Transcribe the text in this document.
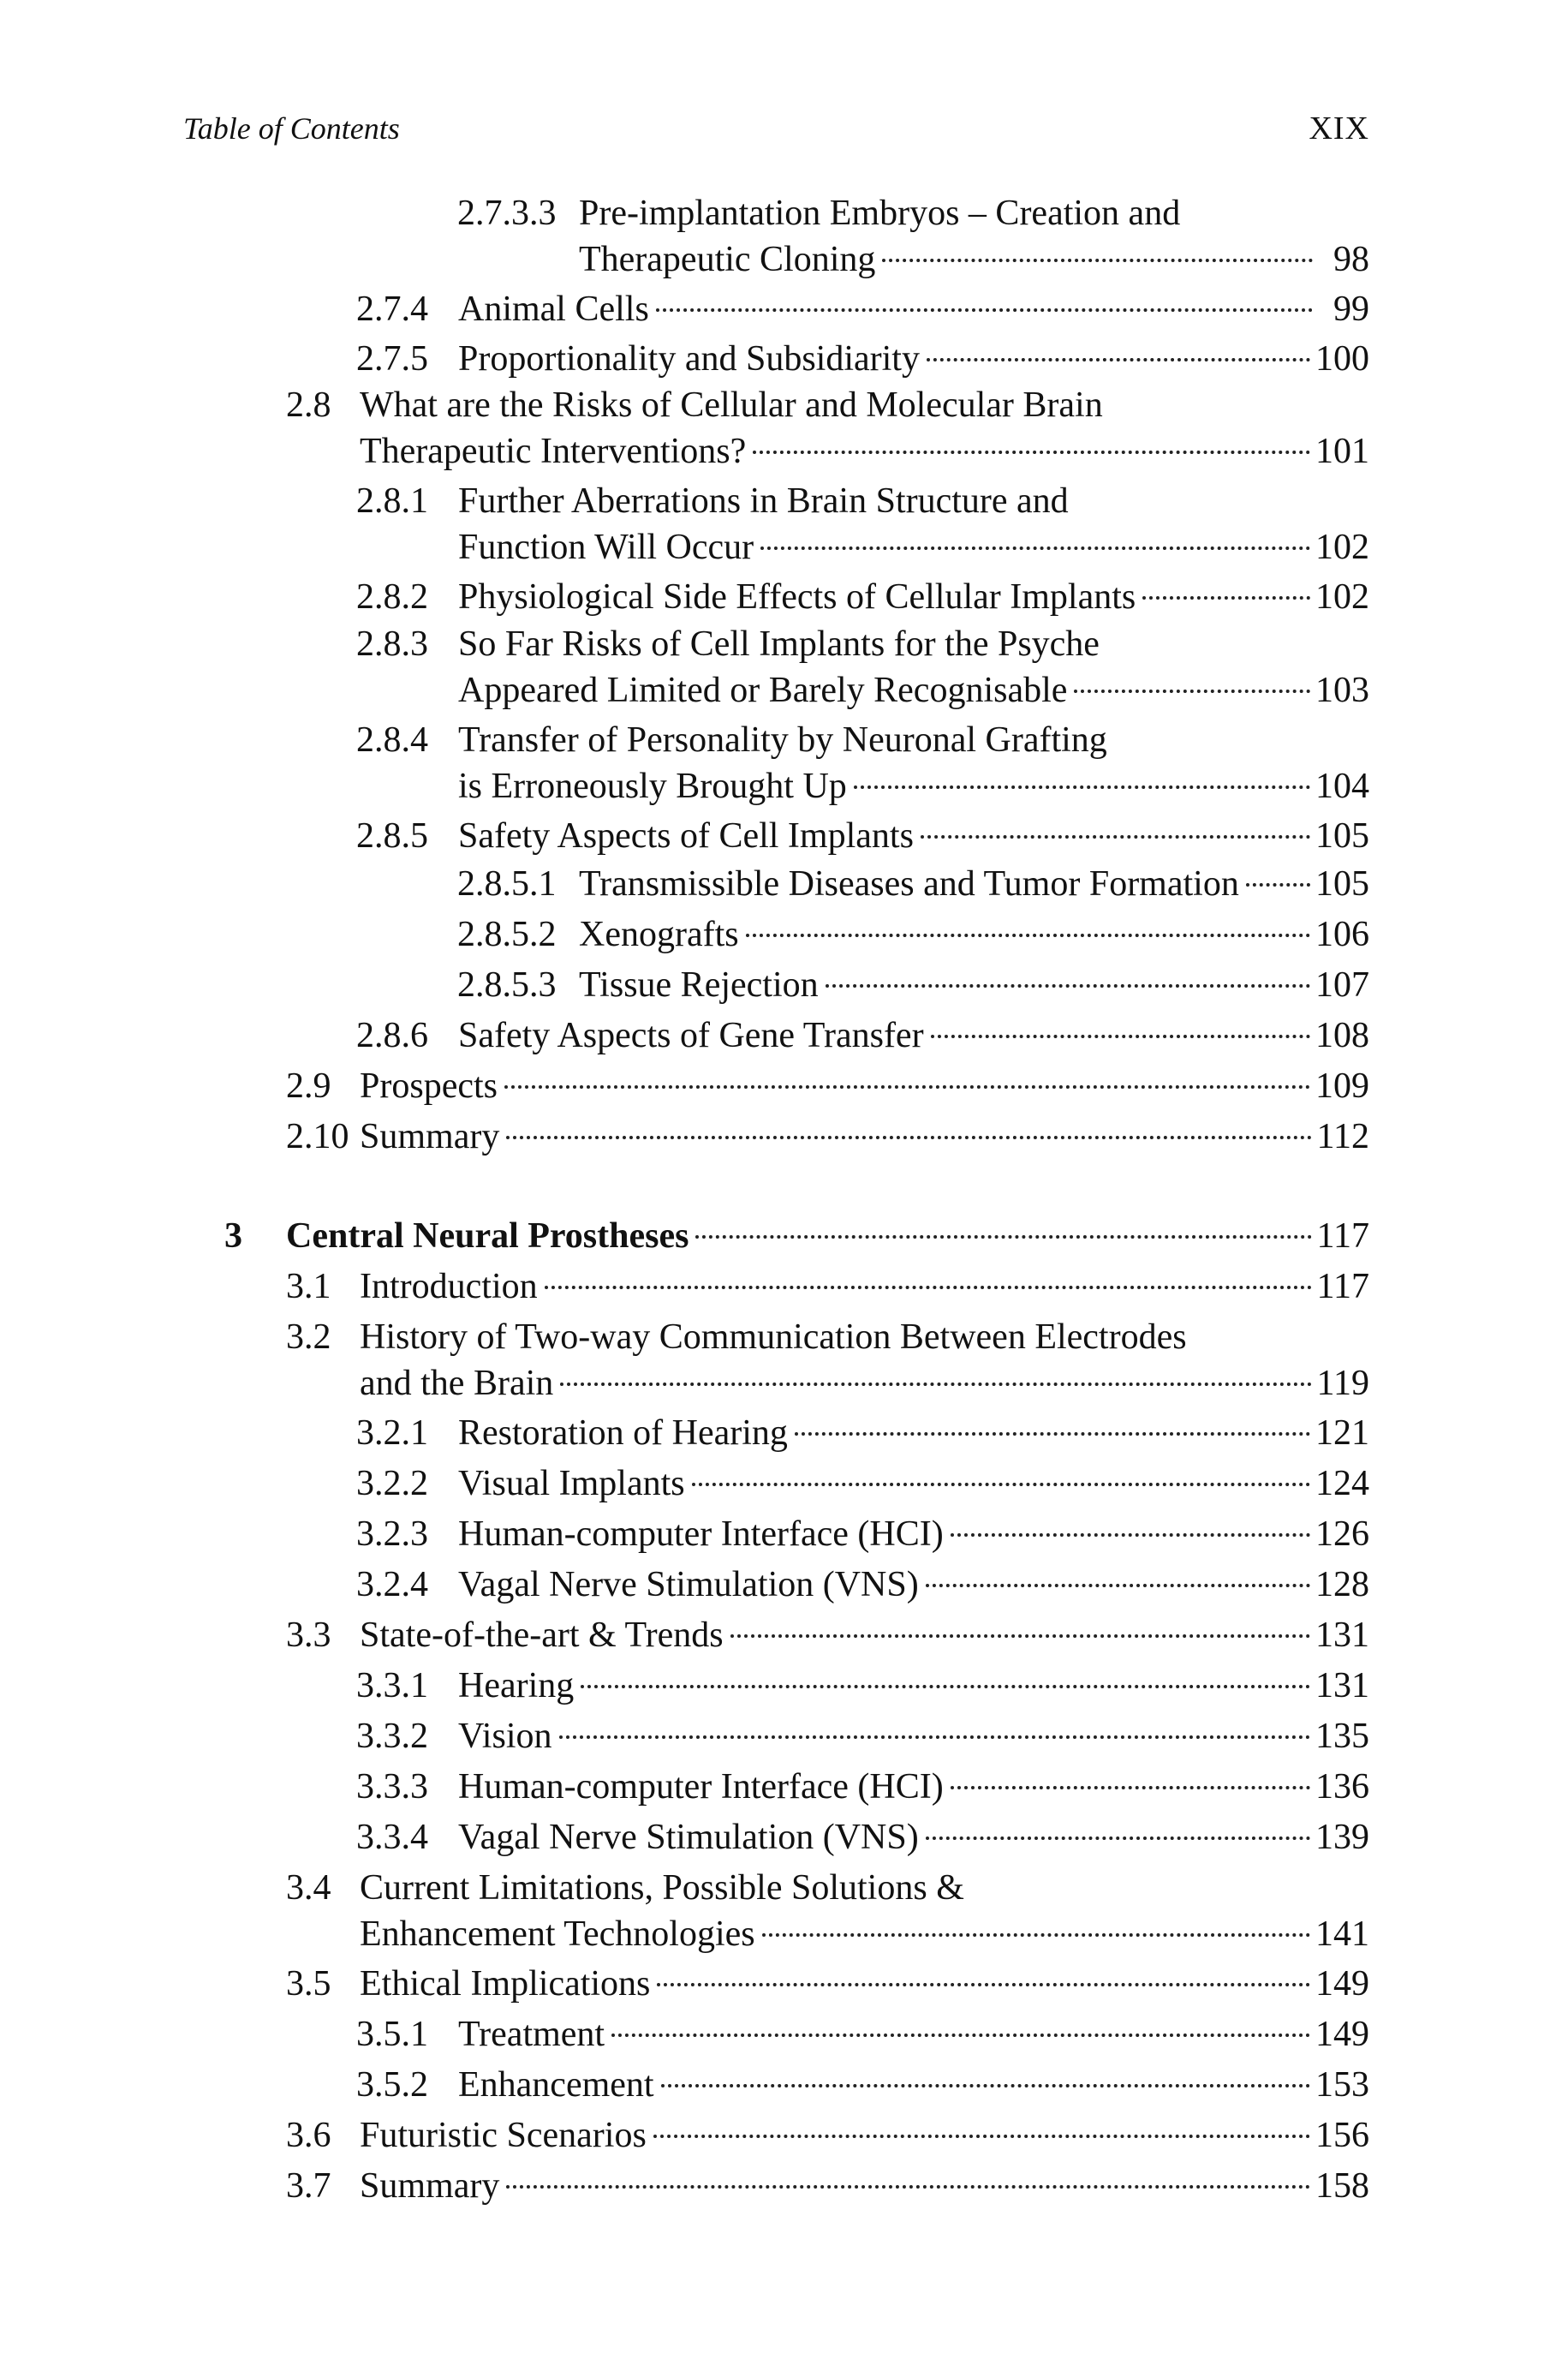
Table of Contents	XIX
2.7.3.3 Pre-implantation Embryos – Creation and
Therapeutic Cloning	98
2.7.4 Animal Cells	99
2.7.5 Proportionality and Subsidiarity	100
2.8 What are the Risks of Cellular and Molecular Brain
Therapeutic Interventions?	101
2.8.1 Further Aberrations in Brain Structure and
Function Will Occur	102
2.8.2 Physiological Side Effects of Cellular Implants	102
2.8.3 So Far Risks of Cell Implants for the Psyche
Appeared Limited or Barely Recognisable	103
2.8.4 Transfer of Personality by Neuronal Grafting
is Erroneously Brought Up	104
2.8.5 Safety Aspects of Cell Implants	105
2.8.5.1 Transmissible Diseases and Tumor Formation 105
2.8.5.2 Xenografts	106
2.8.5.3 Tissue Rejection	107
2.8.6 Safety Aspects of Gene Transfer	108
2.9 Prospects	109
2.10 Summary	112
3 Central Neural Prostheses	117
3.1 Introduction	117
3.2 History of Two-way Communication Between Electrodes
and the Brain	119
3.2.1 Restoration of Hearing	121
3.2.2 Visual Implants	124
3.2.3 Human-computer Interface (HCI)	126
3.2.4 Vagal Nerve Stimulation (VNS)	128
3.3 State-of-the-art & Trends	131
3.3.1 Hearing	131
3.3.2 Vision	135
3.3.3 Human-computer Interface (HCI)	136
3.3.4 Vagal Nerve Stimulation (VNS)	139
3.4 Current Limitations, Possible Solutions &
Enhancement Technologies	141
3.5 Ethical Implications	149
3.5.1 Treatment	149
3.5.2 Enhancement	153
3.6 Futuristic Scenarios	156
3.7 Summary	158
